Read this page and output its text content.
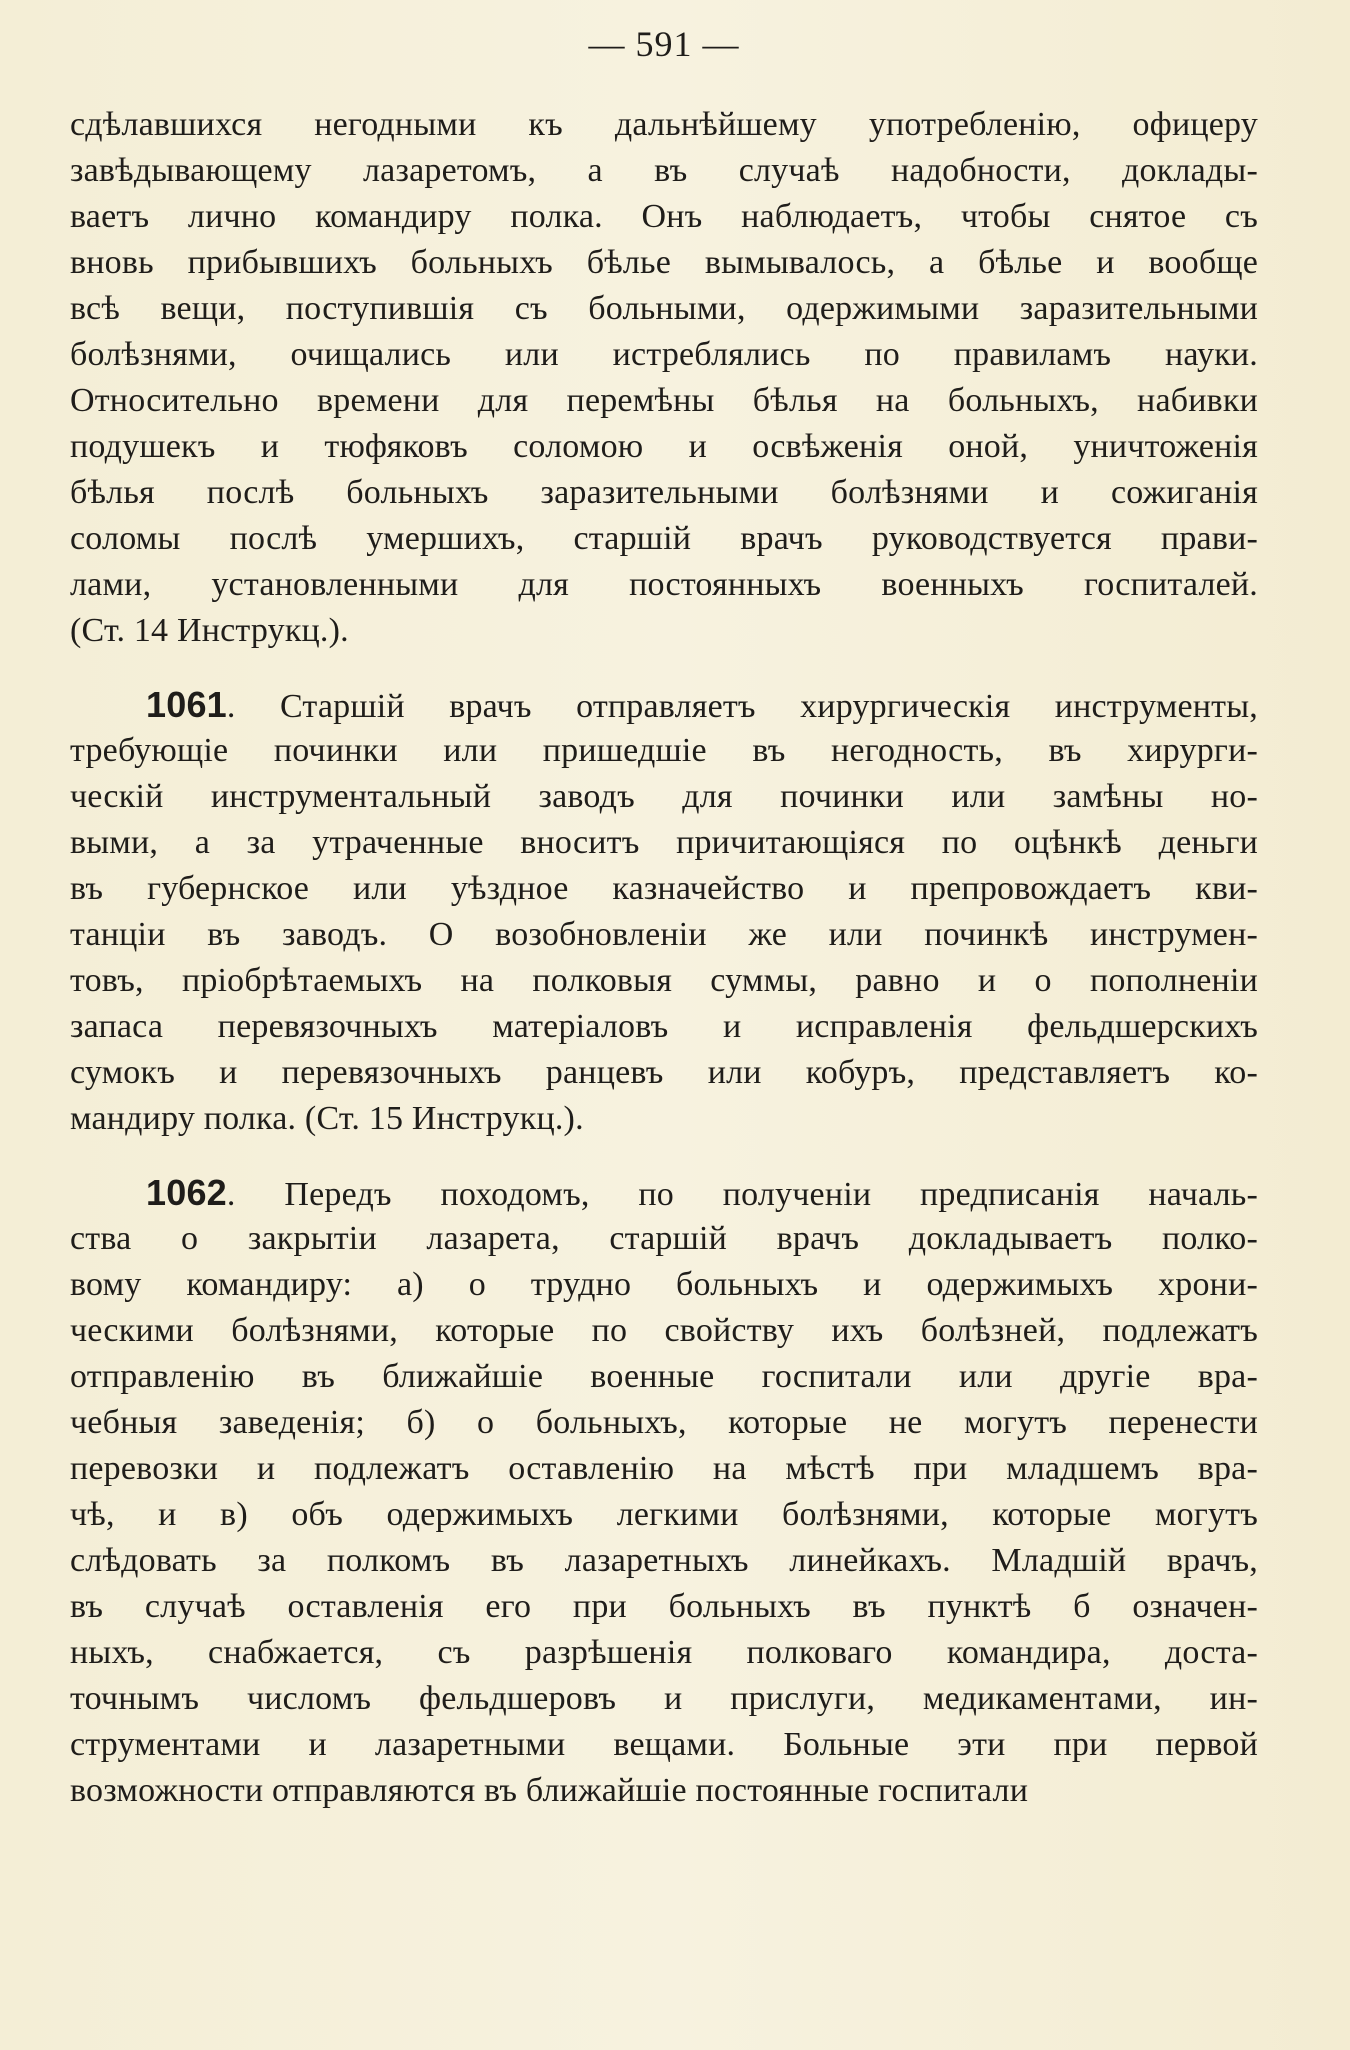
— 591 —
сдѣлавшихся негодными къ дальнѣйшему употребленію, офицеру
завѣдывающему лазаретомъ, а въ случаѣ надобности, доклады-
ваетъ лично командиру полка. Онъ наблюдаетъ, чтобы снятое съ
вновь прибывшихъ больныхъ бѣлье вымывалось, а бѣлье и вообще
всѣ вещи, поступившія съ больными, одержимыми заразительными
болѣзнями, очищались или истреблялись по правиламъ науки.
Относительно времени для перемѣны бѣлья на больныхъ, набивки
подушекъ и тюфяковъ соломою и освѣженія оной, уничтоженія
бѣлья послѣ больныхъ заразительными болѣзнями и сожиганія
соломы послѣ умершихъ, старшій врачъ руководствуется прави-
лами, установленными для постоянныхъ военныхъ госпиталей.
(Ст. 14 Инструкц.).
1061. Старшій врачъ отправляетъ хирургическія инструменты,
требующіе починки или пришедшіе въ негодность, въ хирурги-
ческій инструментальный заводъ для починки или замѣны но-
выми, а за утраченные вноситъ причитающіяся по оцѣнкѣ деньги
въ губернское или уѣздное казначейство и препровождаетъ кви-
танціи въ заводъ. О возобновленіи же или починкѣ инструмен-
товъ, пріобрѣтаемыхъ на полковыя суммы, равно и о пополненіи
запаса перевязочныхъ матеріаловъ и исправленія фельдшерскихъ
сумокъ и перевязочныхъ ранцевъ или кобуръ, представляетъ ко-
мандиру полка. (Ст. 15 Инструкц.).
1062. Передъ походомъ, по полученіи предписанія началь-
ства о закрытіи лазарета, старшій врачъ докладываетъ полко-
вому командиру: а) о трудно больныхъ и одержимыхъ хрони-
ческими болѣзнями, которые по свойству ихъ болѣзней, подлежатъ
отправленію въ ближайшіе военные госпитали или другіе вра-
чебныя заведенія; б) о больныхъ, которые не могутъ перенести
перевозки и подлежатъ оставленію на мѣстѣ при младшемъ вра-
чѣ, и в) объ одержимыхъ легкими болѣзнями, которые могутъ
слѣдовать за полкомъ въ лазаретныхъ линейкахъ. Младшій врачъ,
въ случаѣ оставленія его при больныхъ въ пунктѣ б означен-
ныхъ, снабжается, съ разрѣшенія полковаго командира, доста-
точнымъ числомъ фельдшеровъ и прислуги, медикаментами, ин-
струментами и лазаретными вещами. Больные эти при первой
возможности отправляются въ ближайшіе постоянные госпитали
